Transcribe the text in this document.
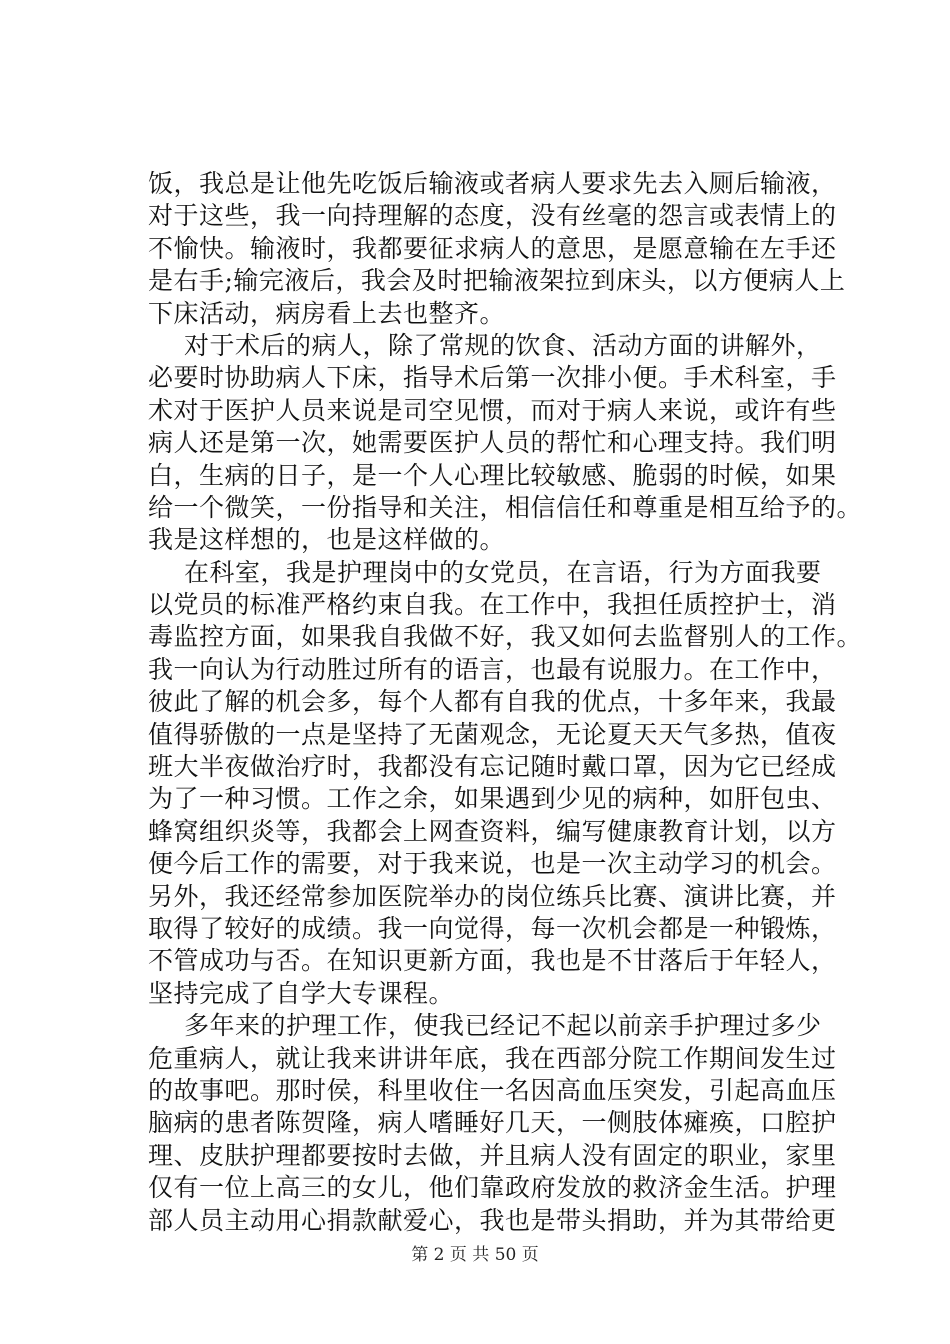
饭，我总是让他先吃饭后输液或者病人要求先去入厕后输液，
对于这些，我一向持理解的态度，没有丝毫的怨言或表情上的
不愉快。输液时，我都要征求病人的意思，是愿意输在左手还
是右手;输完液后，我会及时把输液架拉到床头，以方便病人上
下床活动，病房看上去也整齐。
对于术后的病人，除了常规的饮食、活动方面的讲解外，
必要时协助病人下床，指导术后第一次排小便。手术科室，手
术对于医护人员来说是司空见惯，而对于病人来说，或许有些
病人还是第一次，她需要医护人员的帮忙和心理支持。我们明
白，生病的日子，是一个人心理比较敏感、脆弱的时候，如果
给一个微笑，一份指导和关注，相信信任和尊重是相互给予的。
我是这样想的，也是这样做的。
在科室，我是护理岗中的女党员，在言语，行为方面我要
以党员的标准严格约束自我。在工作中，我担任质控护士，消
毒监控方面，如果我自我做不好，我又如何去监督别人的工作。
我一向认为行动胜过所有的语言，也最有说服力。在工作中，
彼此了解的机会多，每个人都有自我的优点，十多年来，我最
值得骄傲的一点是坚持了无菌观念，无论夏天天气多热，值夜
班大半夜做治疗时，我都没有忘记随时戴口罩，因为它已经成
为了一种习惯。工作之余，如果遇到少见的病种，如肝包虫、
蜂窝组织炎等，我都会上网查资料，编写健康教育计划，以方
便今后工作的需要，对于我来说，也是一次主动学习的机会。
另外，我还经常参加医院举办的岗位练兵比赛、演讲比赛，并
取得了较好的成绩。我一向觉得，每一次机会都是一种锻炼，
不管成功与否。在知识更新方面，我也是不甘落后于年轻人，
坚持完成了自学大专课程。
多年来的护理工作，使我已经记不起以前亲手护理过多少
危重病人，就让我来讲讲年底，我在西部分院工作期间发生过
的故事吧。那时侯，科里收住一名因高血压突发，引起高血压
脑病的患者陈贺隆，病人嗜睡好几天，一侧肢体瘫痪，口腔护
理、皮肤护理都要按时去做，并且病人没有固定的职业，家里
仅有一位上高三的女儿，他们靠政府发放的救济金生活。护理
部人员主动用心捐款献爱心，我也是带头捐助，并为其带给更
第 2 页 共 50 页
